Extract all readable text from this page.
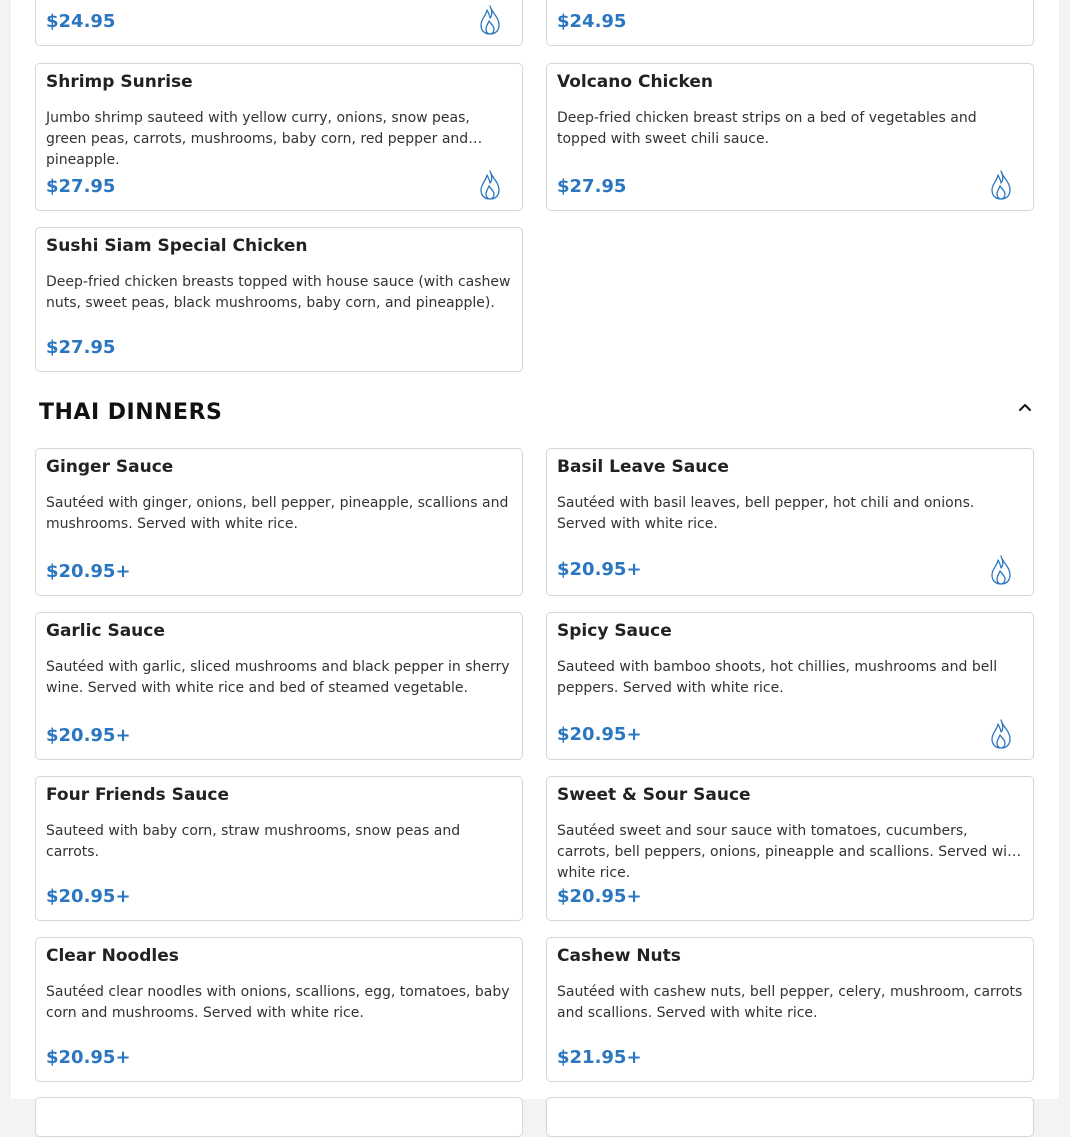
$24.95	$24.95
Shrimp Sunrise
Jumbo shrimp sauteed with yellow curry, onions, snow peas, green peas, carrots, mushrooms, baby corn, red pepper and pineapple.
$27.95
Volcano Chicken
Deep-fried chicken breast strips on a bed of vegetables and topped with sweet chili sauce.
$27.95
Sushi Siam Special Chicken
Deep-fried chicken breasts topped with house sauce (with cashew nuts, sweet peas, black mushrooms, baby corn, and pineapple).
$27.95
THAI DINNERS
Ginger Sauce
Sautéed with ginger, onions, bell pepper, pineapple, scallions and mushrooms. Served with white rice.
$20.95+
Basil Leave Sauce
Sautéed with basil leaves, bell pepper, hot chili and onions. Served with white rice.
$20.95+
Garlic Sauce
Sautéed with garlic, sliced mushrooms and black pepper in sherry wine. Served with white rice and bed of steamed vegetable.
$20.95+
Spicy Sauce
Sauteed with bamboo shoots, hot chillies, mushrooms and bell peppers. Served with white rice.
$20.95+
Four Friends Sauce
Sauteed with baby corn, straw mushrooms, snow peas and carrots.
$20.95+
Sweet & Sour Sauce
Sautéed sweet and sour sauce with tomatoes, cucumbers, carrots, bell peppers, onions, pineapple and scallions. Served with white rice.
$20.95+
Clear Noodles
Sautéed clear noodles with onions, scallions, egg, tomatoes, baby corn and mushrooms. Served with white rice.
$20.95+
Cashew Nuts
Sautéed with cashew nuts, bell pepper, celery, mushroom, carrots and scallions. Served with white rice.
$21.95+
